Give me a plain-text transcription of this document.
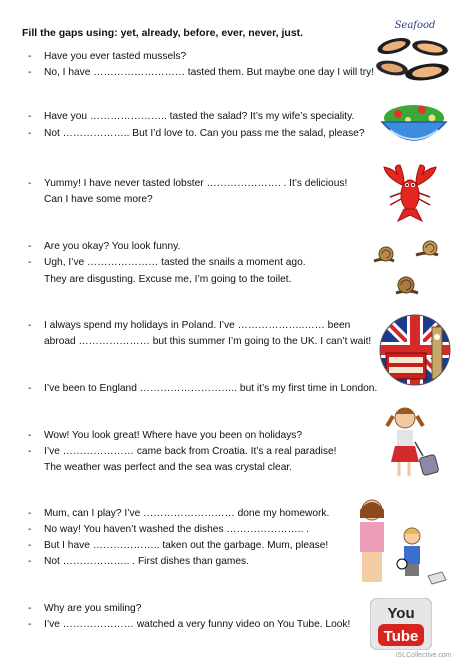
Fill the gaps using: yet, already, before, ever, never, just.
- Have you ever tasted mussels?
- No, I have ……………………… tasted them. But maybe one day I will try!
- Have you ………………….. tasted the salad? It’s my wife’s speciality.
- Not ……………….. But I’d love to. Can you pass me the salad, please?
- Yummy! I have never tasted lobster …………………. . It’s delicious!
Can I have some more?
- Are you okay? You look funny.
- Ugh, I’ve ………………… tasted the snails a moment ago.
They are disgusting. Excuse me, I’m going to the toilet.
- I always spend my holidays in Poland. I’ve ………………..…… been
abroad ………………… but this summer I’m going to the UK. I can’t wait!
- I’ve been to England ……………………….. but it’s my first time in London.
- Wow! You look great! Where have you been on holidays?
- I’ve ………………… came back from Croatia. It’s a real paradise!
The weather was perfect and the sea was crystal clear.
- Mum, can I play? I’ve ……………………… done my homework.
- No way! You haven’t washed the dishes ………………….. .
- But I have ……………….. taken out the garbage. Mum, please!
- Not ……………….. . First dishes than games.
- Why are you smiling?
- I’ve ………………… watched a very funny video on You Tube. Look!
Seafood
You
Tube
iSLCollective.com
